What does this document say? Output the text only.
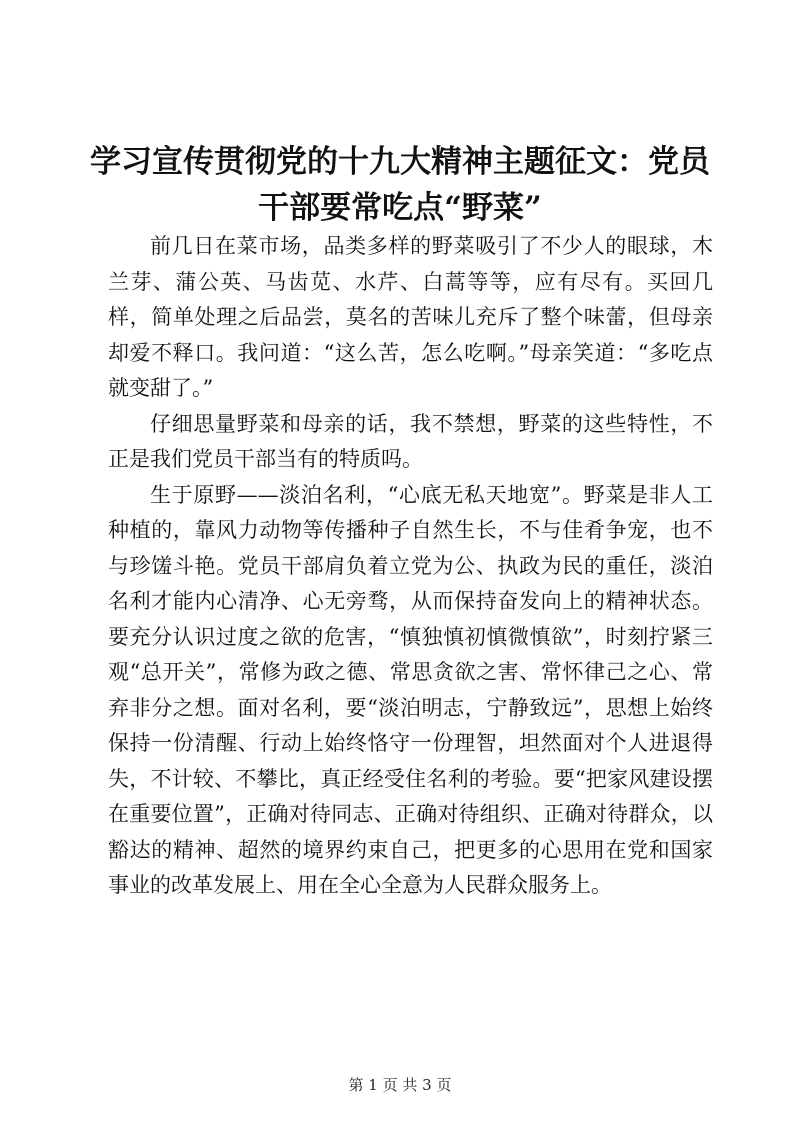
学习宣传贯彻党的十九大精神主题征文：党员干部要常吃点“野菜”

前几日在菜市场，品类多样的野菜吸引了不少人的眼球，木兰芽、蒲公英、马齿苋、水芹、白蒿等等，应有尽有。买回几样，简单处理之后品尝，莫名的苦味儿充斥了整个味蕾，但母亲却爱不释口。我问道：“这么苦，怎么吃啊。”母亲笑道：“多吃点就变甜了。”

仔细思量野菜和母亲的话，我不禁想，野菜的这些特性，不正是我们党员干部当有的特质吗。

生于原野——淡泊名利，“心底无私天地宽”。野菜是非人工种植的，靠风力动物等传播种子自然生长，不与佳肴争宠，也不与珍馐斗艳。党员干部肩负着立党为公、执政为民的重任，淡泊名利才能内心清净、心无旁骛，从而保持奋发向上的精神状态。要充分认识过度之欲的危害，“慎独慎初慎微慎欲”，时刻拧紧三观“总开关”，常修为政之德、常思贪欲之害、常怀律己之心、常弃非分之想。面对名利，要“淡泊明志，宁静致远”，思想上始终保持一份清醒、行动上始终恪守一份理智，坦然面对个人进退得失，不计较、不攀比，真正经受住名利的考验。要“把家风建设摆在重要位置”，正确对待同志、正确对待组织、正确对待群众，以豁达的精神、超然的境界约束自己，把更多的心思用在党和国家事业的改革发展上、用在全心全意为人民群众服务上。

第 1 页 共 3 页
